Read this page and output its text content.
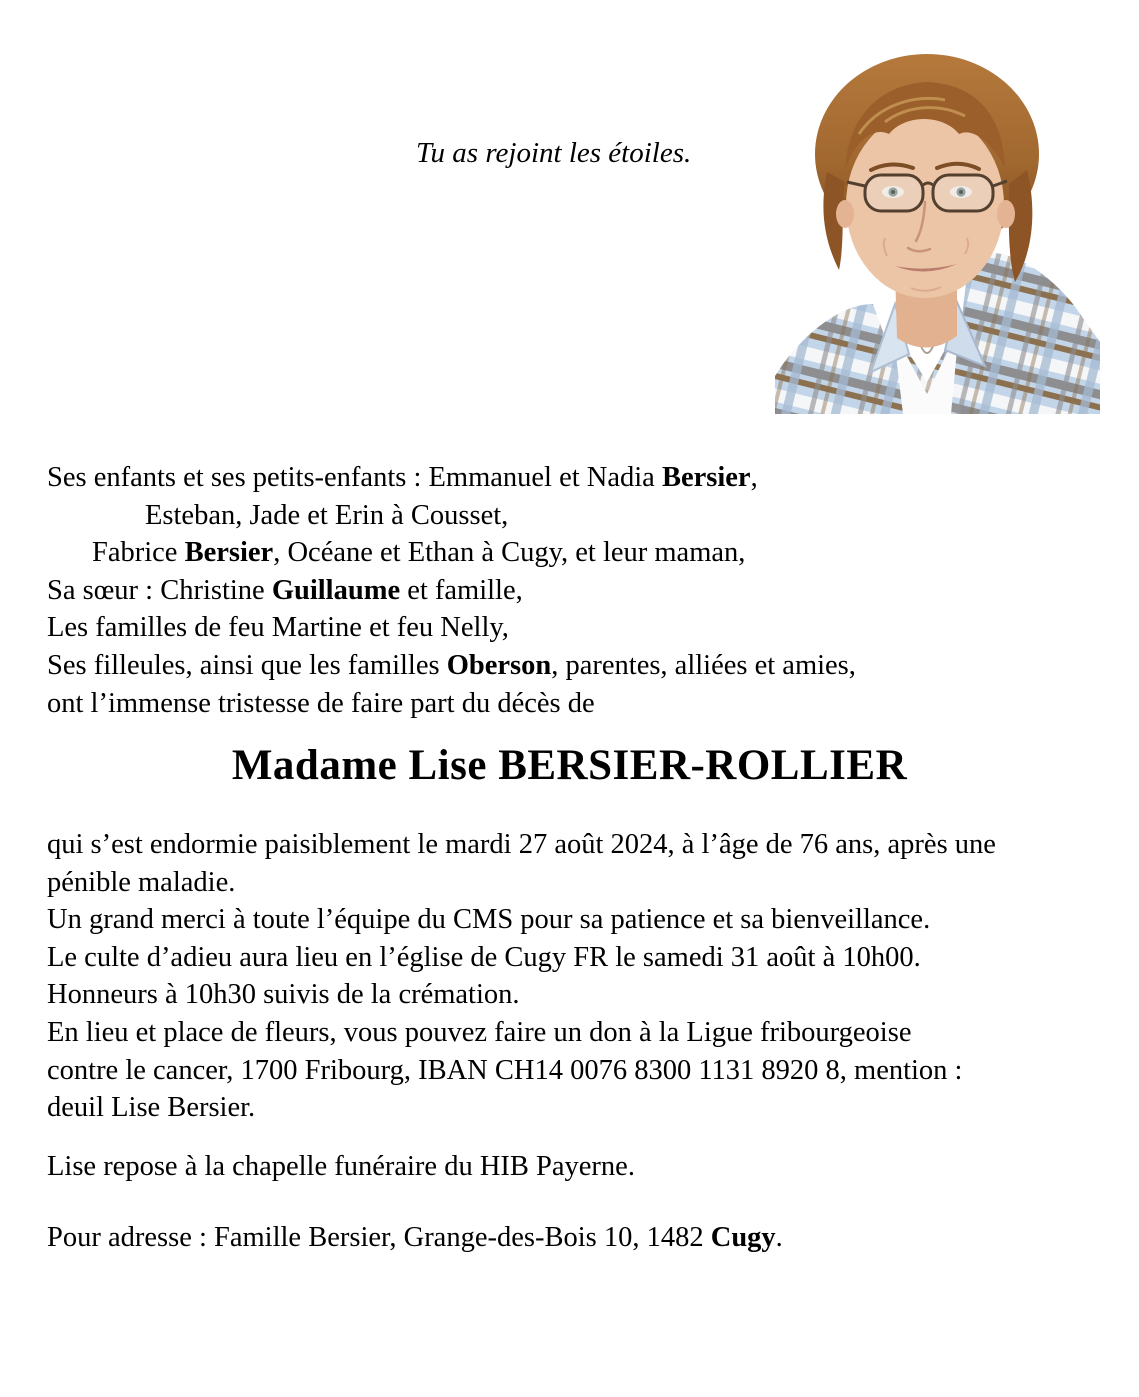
Tu as rejoint les étoiles.
Ses enfants et ses petits-enfants : Emmanuel et Nadia Bersier,
Esteban, Jade et Erin à Cousset,
Fabrice Bersier, Océane et Ethan à Cugy, et leur maman,
Sa sœur : Christine Guillaume et famille,
Les familles de feu Martine et feu Nelly,
Ses filleules, ainsi que les familles Oberson, parentes, alliées et amies,
ont l’immense tristesse de faire part du décès de
Madame Lise BERSIER-ROLLIER
qui s’est endormie paisiblement le mardi 27 août 2024, à l’âge de 76 ans, après une
pénible maladie.
Un grand merci à toute l’équipe du CMS pour sa patience et sa bienveillance.
Le culte d’adieu aura lieu en l’église de Cugy FR le samedi 31 août à 10h00.
Honneurs à 10h30 suivis de la crémation.
En lieu et place de fleurs, vous pouvez faire un don à la Ligue fribourgeoise
contre le cancer, 1700 Fribourg, IBAN CH14 0076 8300 1131 8920 8, mention :
deuil Lise Bersier.
Lise repose à la chapelle funéraire du HIB Payerne.
Pour adresse : Famille Bersier, Grange-des-Bois 10, 1482 Cugy.
